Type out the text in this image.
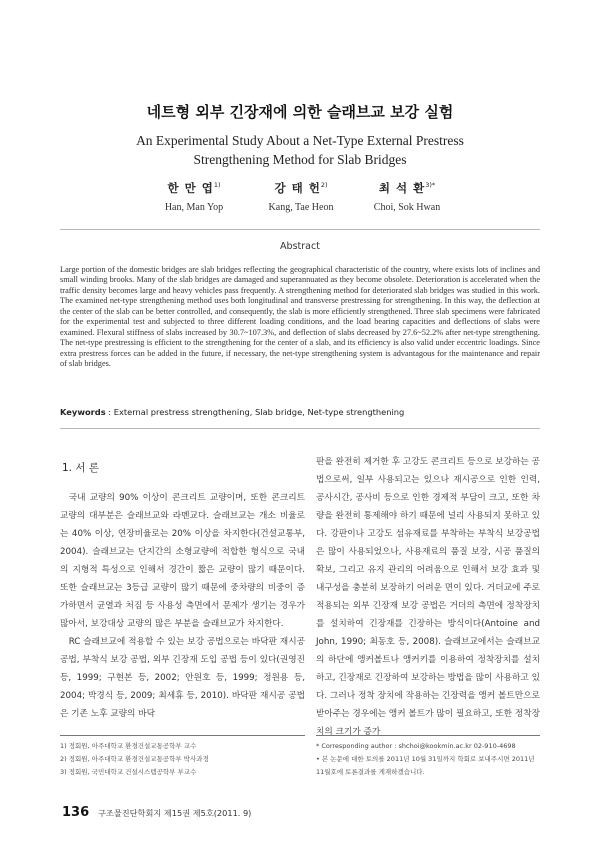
네트형 외부 긴장재에 의한 슬래브교 보강 실험
An Experimental Study About a Net-Type External Prestress
Strengthening Method for Slab Bridges
한 만 엽$^{1)}$
Han, Man Yop
강 태 헌$^{2)}$
Kang, Tae Heon
최 석 환$^{3)*}$
Choi, Sok Hwan
Abstract
Large portion of the domestic bridges are slab bridges reflecting the geographical characteristic of the country, where exists lots of inclines and small winding brooks. Many of the slab bridges are damaged and superannuated as they become obsolete. Deterioration is accelerated when the traffic density becomes large and heavy vehicles pass frequently. A strengthening method for deteriorated slab bridges was studied in this work. The examined net-type strengthening method uses both longitudinal and transverse prestressing for strengthening. In this way, the deflection at the center of the slab can be better controlled, and consequently, the slab is more efficiently strengthened. Three slab specimens were fabricated for the experimental test and subjected to three different loading conditions, and the load bearing capacities and deflections of slabs were examined. Flexural stiffness of slabs increased by 30.7~107.3%, and deflection of slabs decreased by 27.6~52.2% after net-type strengthening. The net-type prestressing is efficient to the strengthening for the center of a slab, and its efficiency is also valid under eccentric loadings. Since extra prestress forces can be added in the future, if necessary, the net-type strengthening system is advantagous for the maintenance and repair of slab bridges.
Keywords : External prestress strengthening, Slab bridge, Net-type strengthening
1. 서 론

국내 교량의 90% 이상이 콘크리트 교량이며, 또한 콘크리트 교량의 대부분은 슬래브교와 라멘교다. 슬래브교는 개소 비율로는 40% 이상, 연장비율로는 20% 이상을 차지한다(건설교통부, 2004). 슬래브교는 단지간의 소형교량에 적합한 형식으로 국내의 지형적 특성으로 인해서 경간이 짧은 교량이 많기 때문이다. 또한 슬래브교는 3등급 교량이 많기 때문에 중차량의 비중이 증가하면서 균열과 처짐 등 사용성 측면에서 문제가 생기는 경우가 많아서, 보강대상 교량의 많은 부분을 슬래브교가 차지한다.

RC 슬래브교에 적용할 수 있는 보강 공법으로는 바닥판 재시공 공법, 부착식 보강 공법, 외부 긴장재 도입 공법 등이 있다(권영진 등, 1999; 구현본 등, 2002; 안원호 등, 1999; 정원용 등, 2004; 박경식 등, 2009; 최세휴 등, 2010). 바닥판 재시공 공법은 기존 노후 교량의 바닥

판을 완전히 제거한 후 고강도 콘크리트 등으로 보강하는 공법으로써, 일부 사용되고는 있으나 재시공으로 인한 인력, 공사시간, 공사비 등으로 인한 경제적 부담이 크고, 또한 차량을 완전히 통제해야 하기 때문에 널리 사용되지 못하고 있다. 강판이나 고강도 섬유재료를 부착하는 부착식 보강공법은 많이 사용되었으나, 사용재료의 품질 보장, 시공 품질의 확보, 그리고 유지 관리의 어려움으로 인해서 보강 효과 및 내구성을 충분히 보장하기 어려운 면이 있다. 거더교에 주로 적용되는 외부 긴장재 보강 공법은 거더의 측면에 정착장치를 설치하여 긴장재를 긴장하는 방식이다(Antoine and John, 1990; 최동호 등, 2008). 슬래브교에서는 슬래브교의 하단에 앵커볼트나 앵커키를 이용하여 정착장치를 설치하고, 긴장재로 긴장하여 보강하는 방법을 많이 사용하고 있다. 그러나 정착 장치에 작용하는 긴장력을 앵커 볼트만으로 받아주는 경우에는 앵커 볼트가 많이 필요하고, 또한 정착장치의 크기가 증가

1) 정회원, 아주대학교 환경건설교통공학부 교수
2) 정회원, 아주대학교 환경건설교통공학부 박사과정
3) 정회원, 국민대학교 건설시스템공학부 부교수
* Corresponding author : shchoi@kookmin.ac.kr 02-910-4698
• 본 논문에 대한 토의를 2011년 10월 31일까지 학회로 보내주시면 2011년 11월호에 토론결과를 게재하겠습니다.
136 구조물진단학회지 제15권 제5호(2011. 9)
